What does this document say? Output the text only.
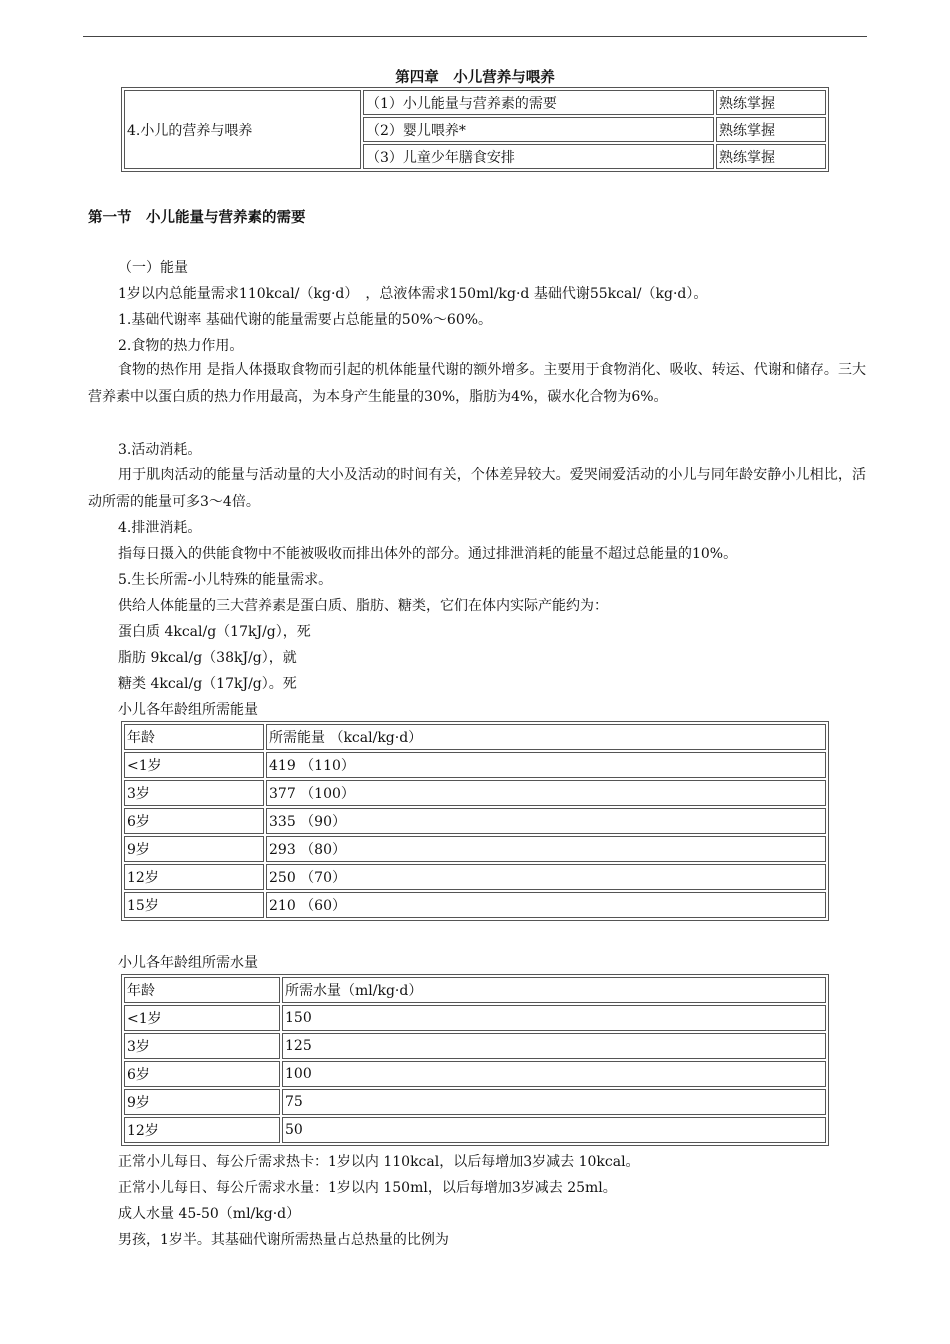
第四章　小儿营养与喂养
4.小儿的营养与喂养	（1）小儿能量与营养素的需要	熟练掌握
	（2）婴儿喂养*	熟练掌握
	（3）儿童少年膳食安排	熟练掌握
第一节　小儿能量与营养素的需要
（一）能量
1岁以内总能量需求110kcal/（kg·d）　，总液体需求150ml/kg·d 基础代谢55kcal/（kg·d）。
1.基础代谢率 基础代谢的能量需要占总能量的50%～60%。
2.食物的热力作用。
食物的热作用 是指人体摄取食物而引起的机体能量代谢的额外增多。主要用于食物消化、吸收、转运、代谢和储存。三大营养素中以蛋白质的热力作用最高，为本身产生能量的30%，脂肪为4%，碳水化合物为6%。
3.活动消耗。
用于肌肉活动的能量与活动量的大小及活动的时间有关，个体差异较大。爱哭闹爱活动的小儿与同年龄安静小儿相比，活动所需的能量可多3～4倍。
4.排泄消耗。
指每日摄入的供能食物中不能被吸收而排出体外的部分。通过排泄消耗的能量不超过总能量的10%。
5.生长所需-小儿特殊的能量需求。
供给人体能量的三大营养素是蛋白质、脂肪、糖类，它们在体内实际产能约为：
蛋白质 4kcal/g（17kJ/g），死
脂肪 9kcal/g（38kJ/g），就
糖类 4kcal/g（17kJ/g）。死
小儿各年龄组所需能量
年龄	所需能量 （kcal/kg·d）
<1岁	419 （110）
3岁	377 （100）
6岁	335 （90）
9岁	293 （80）
12岁	250 （70）
15岁	210 （60）
小儿各年龄组所需水量
年龄	所需水量（ml/kg·d）
<1岁	150
3岁	125
6岁	100
9岁	75
12岁	50
正常小儿每日、每公斤需求热卡：1岁以内 110kcal，以后每增加3岁减去 10kcal。
正常小儿每日、每公斤需求水量：1岁以内 150ml，以后每增加3岁减去 25ml。
成人水量 45-50（ml/kg·d）
男孩，1岁半。其基础代谢所需热量占总热量的比例为
